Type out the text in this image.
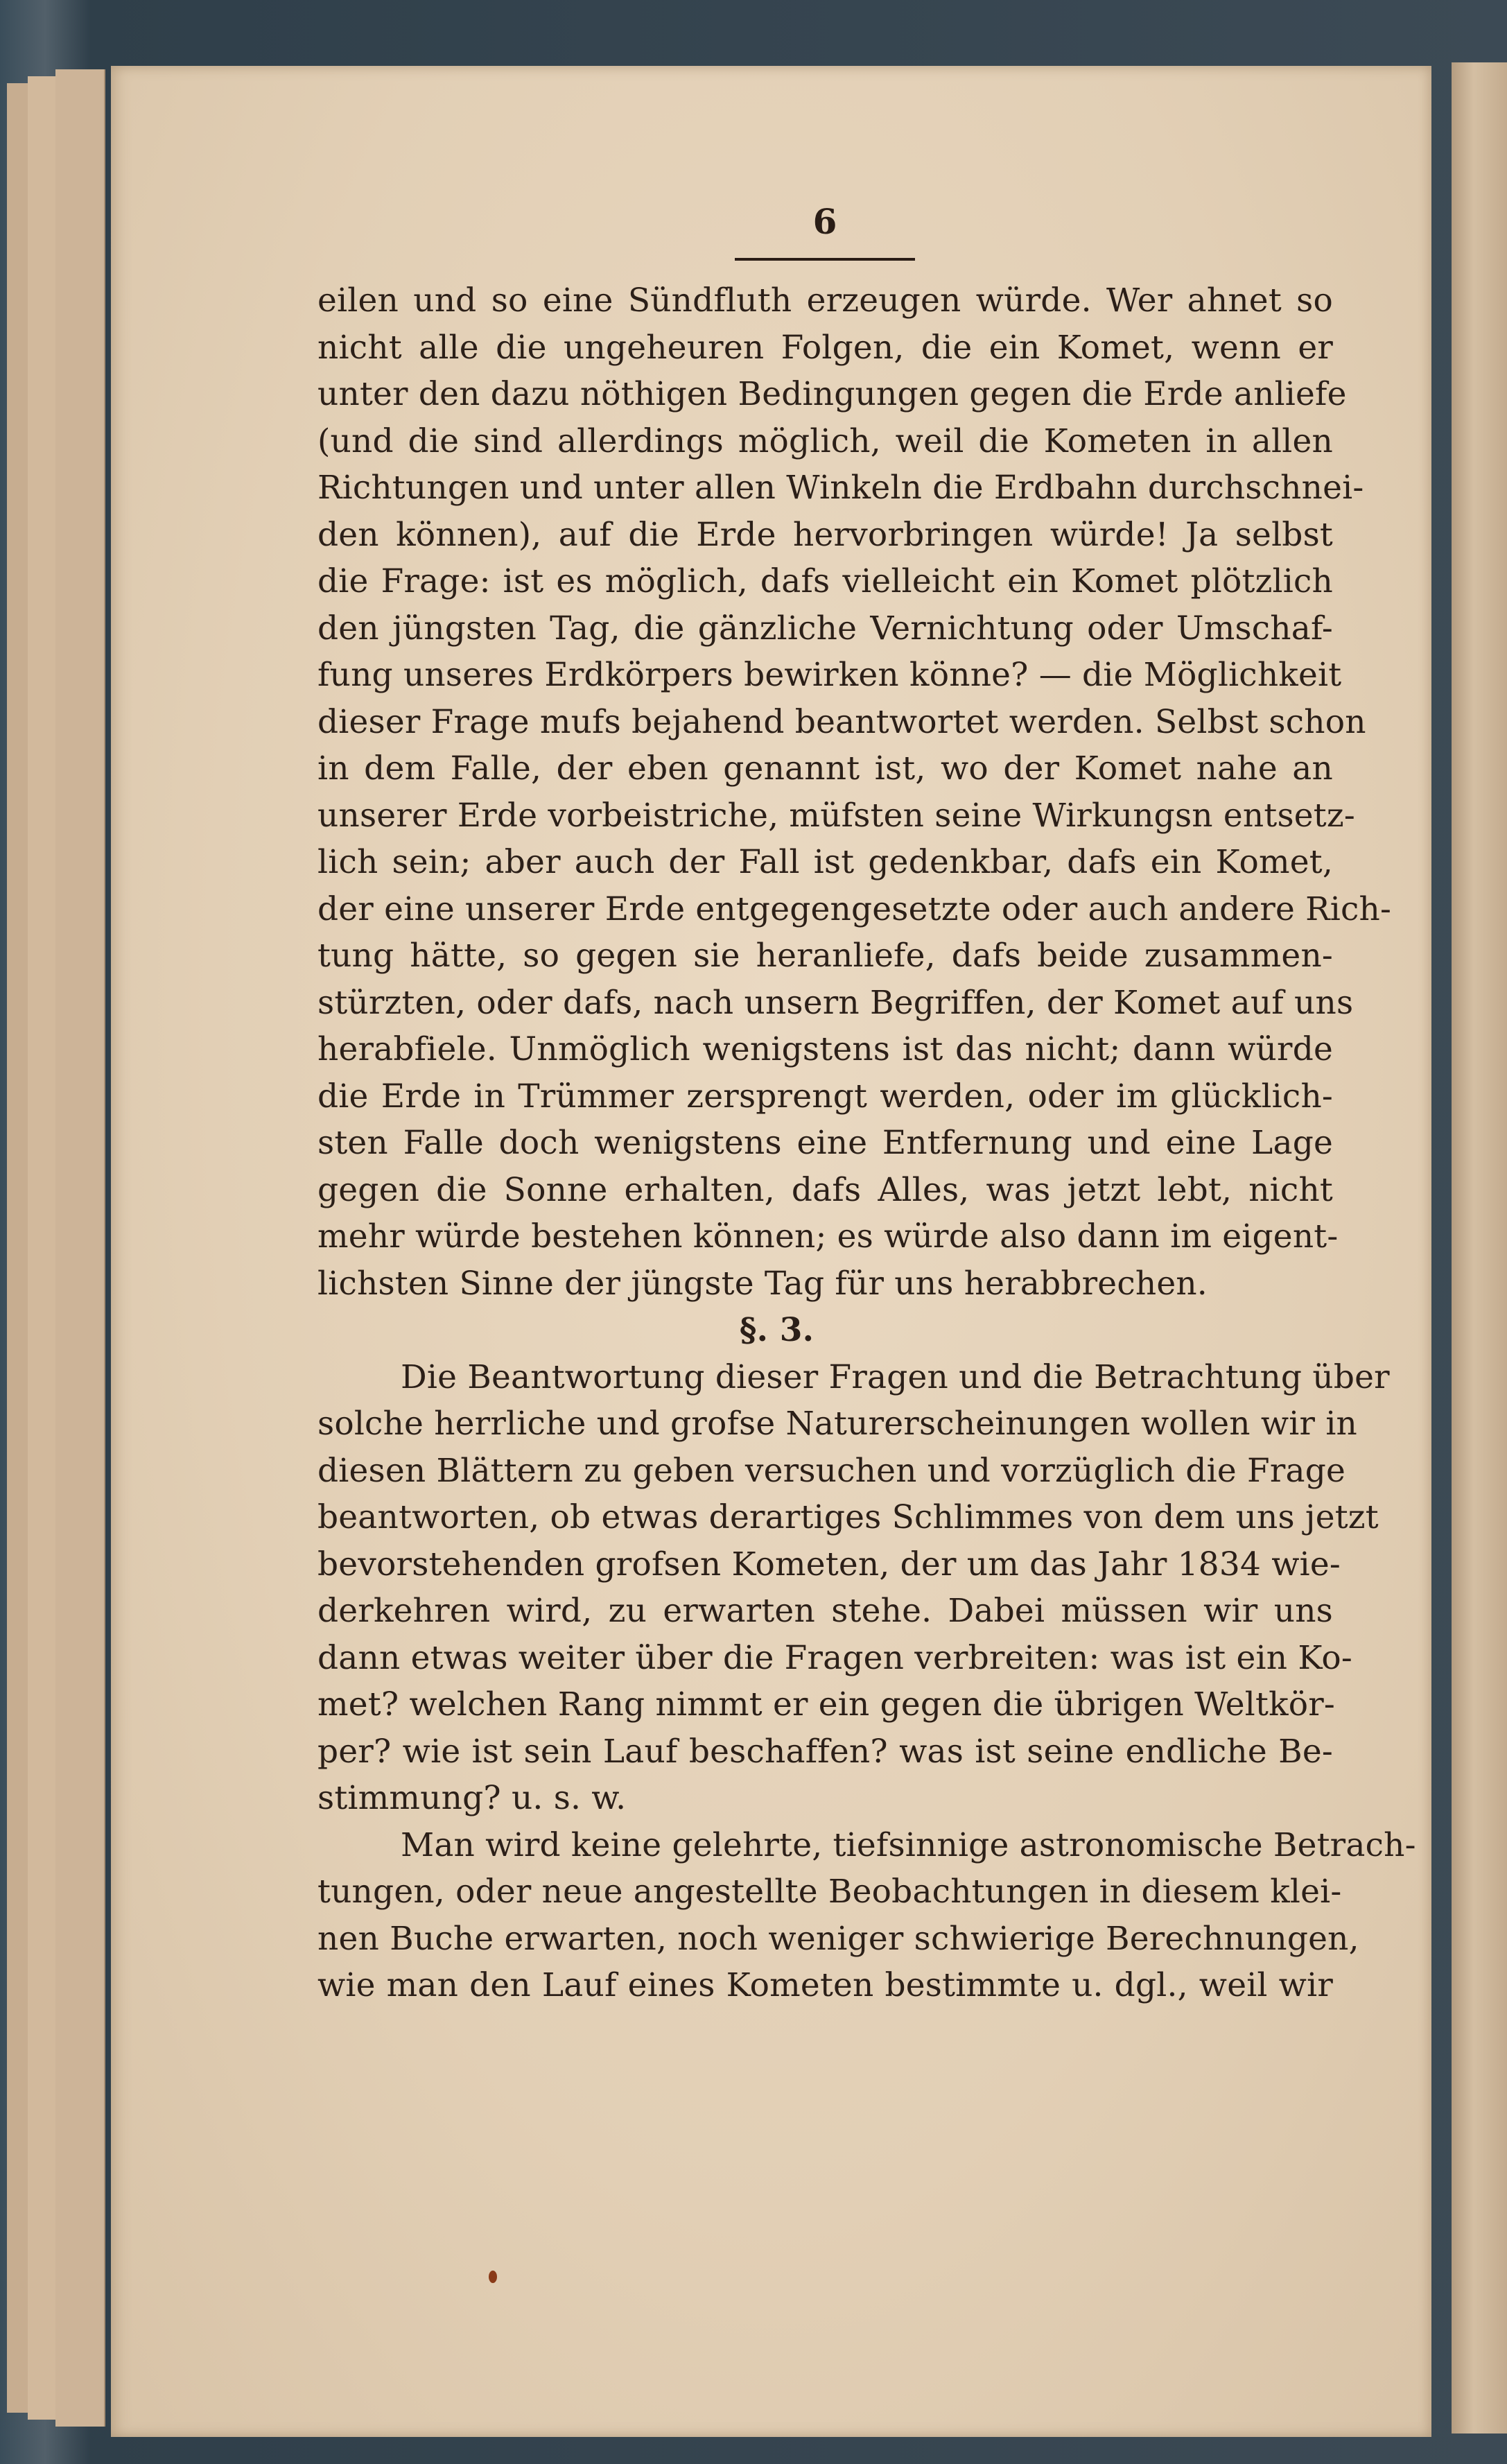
6
eilen und so eine Sündfluth erzeugen würde. Wer ahnet so
nicht alle die ungeheuren Folgen, die ein Komet, wenn er
unter den dazu nöthigen Bedingungen gegen die Erde anliefe
(und die sind allerdings möglich, weil die Kometen in allen
Richtungen und unter allen Winkeln die Erdbahn durchschnei-
den können), auf die Erde hervorbringen würde! Ja selbst
die Frage: ist es möglich, dafs vielleicht ein Komet plötzlich
den jüngsten Tag, die gänzliche Vernichtung oder Umschaf-
fung unseres Erdkörpers bewirken könne? — die Möglichkeit
dieser Frage mufs bejahend beantwortet werden. Selbst schon
in dem Falle, der eben genannt ist, wo der Komet nahe an
unserer Erde vorbeistriche, müfsten seine Wirkungsn entsetz-
lich sein; aber auch der Fall ist gedenkbar, dafs ein Komet,
der eine unserer Erde entgegengesetzte oder auch andere Rich-
tung hätte, so gegen sie heranliefe, dafs beide zusammen-
stürzten, oder dafs, nach unsern Begriffen, der Komet auf uns
herabfiele. Unmöglich wenigstens ist das nicht; dann würde
die Erde in Trümmer zersprengt werden, oder im glücklich-
sten Falle doch wenigstens eine Entfernung und eine Lage
gegen die Sonne erhalten, dafs Alles, was jetzt lebt, nicht
mehr würde bestehen können; es würde also dann im eigent-
lichsten Sinne der jüngste Tag für uns herabbrechen.
§. 3.
Die Beantwortung dieser Fragen und die Betrachtung über
solche herrliche und grofse Naturerscheinungen wollen wir in
diesen Blättern zu geben versuchen und vorzüglich die Frage
beantworten, ob etwas derartiges Schlimmes von dem uns jetzt
bevorstehenden grofsen Kometen, der um das Jahr 1834 wie-
derkehren wird, zu erwarten stehe. Dabei müssen wir uns
dann etwas weiter über die Fragen verbreiten: was ist ein Ko-
met? welchen Rang nimmt er ein gegen die übrigen Weltkör-
per? wie ist sein Lauf beschaffen? was ist seine endliche Be-
stimmung? u. s. w.
Man wird keine gelehrte, tiefsinnige astronomische Betrach-
tungen, oder neue angestellte Beobachtungen in diesem klei-
nen Buche erwarten, noch weniger schwierige Berechnungen,
wie man den Lauf eines Kometen bestimmte u. dgl., weil wir
